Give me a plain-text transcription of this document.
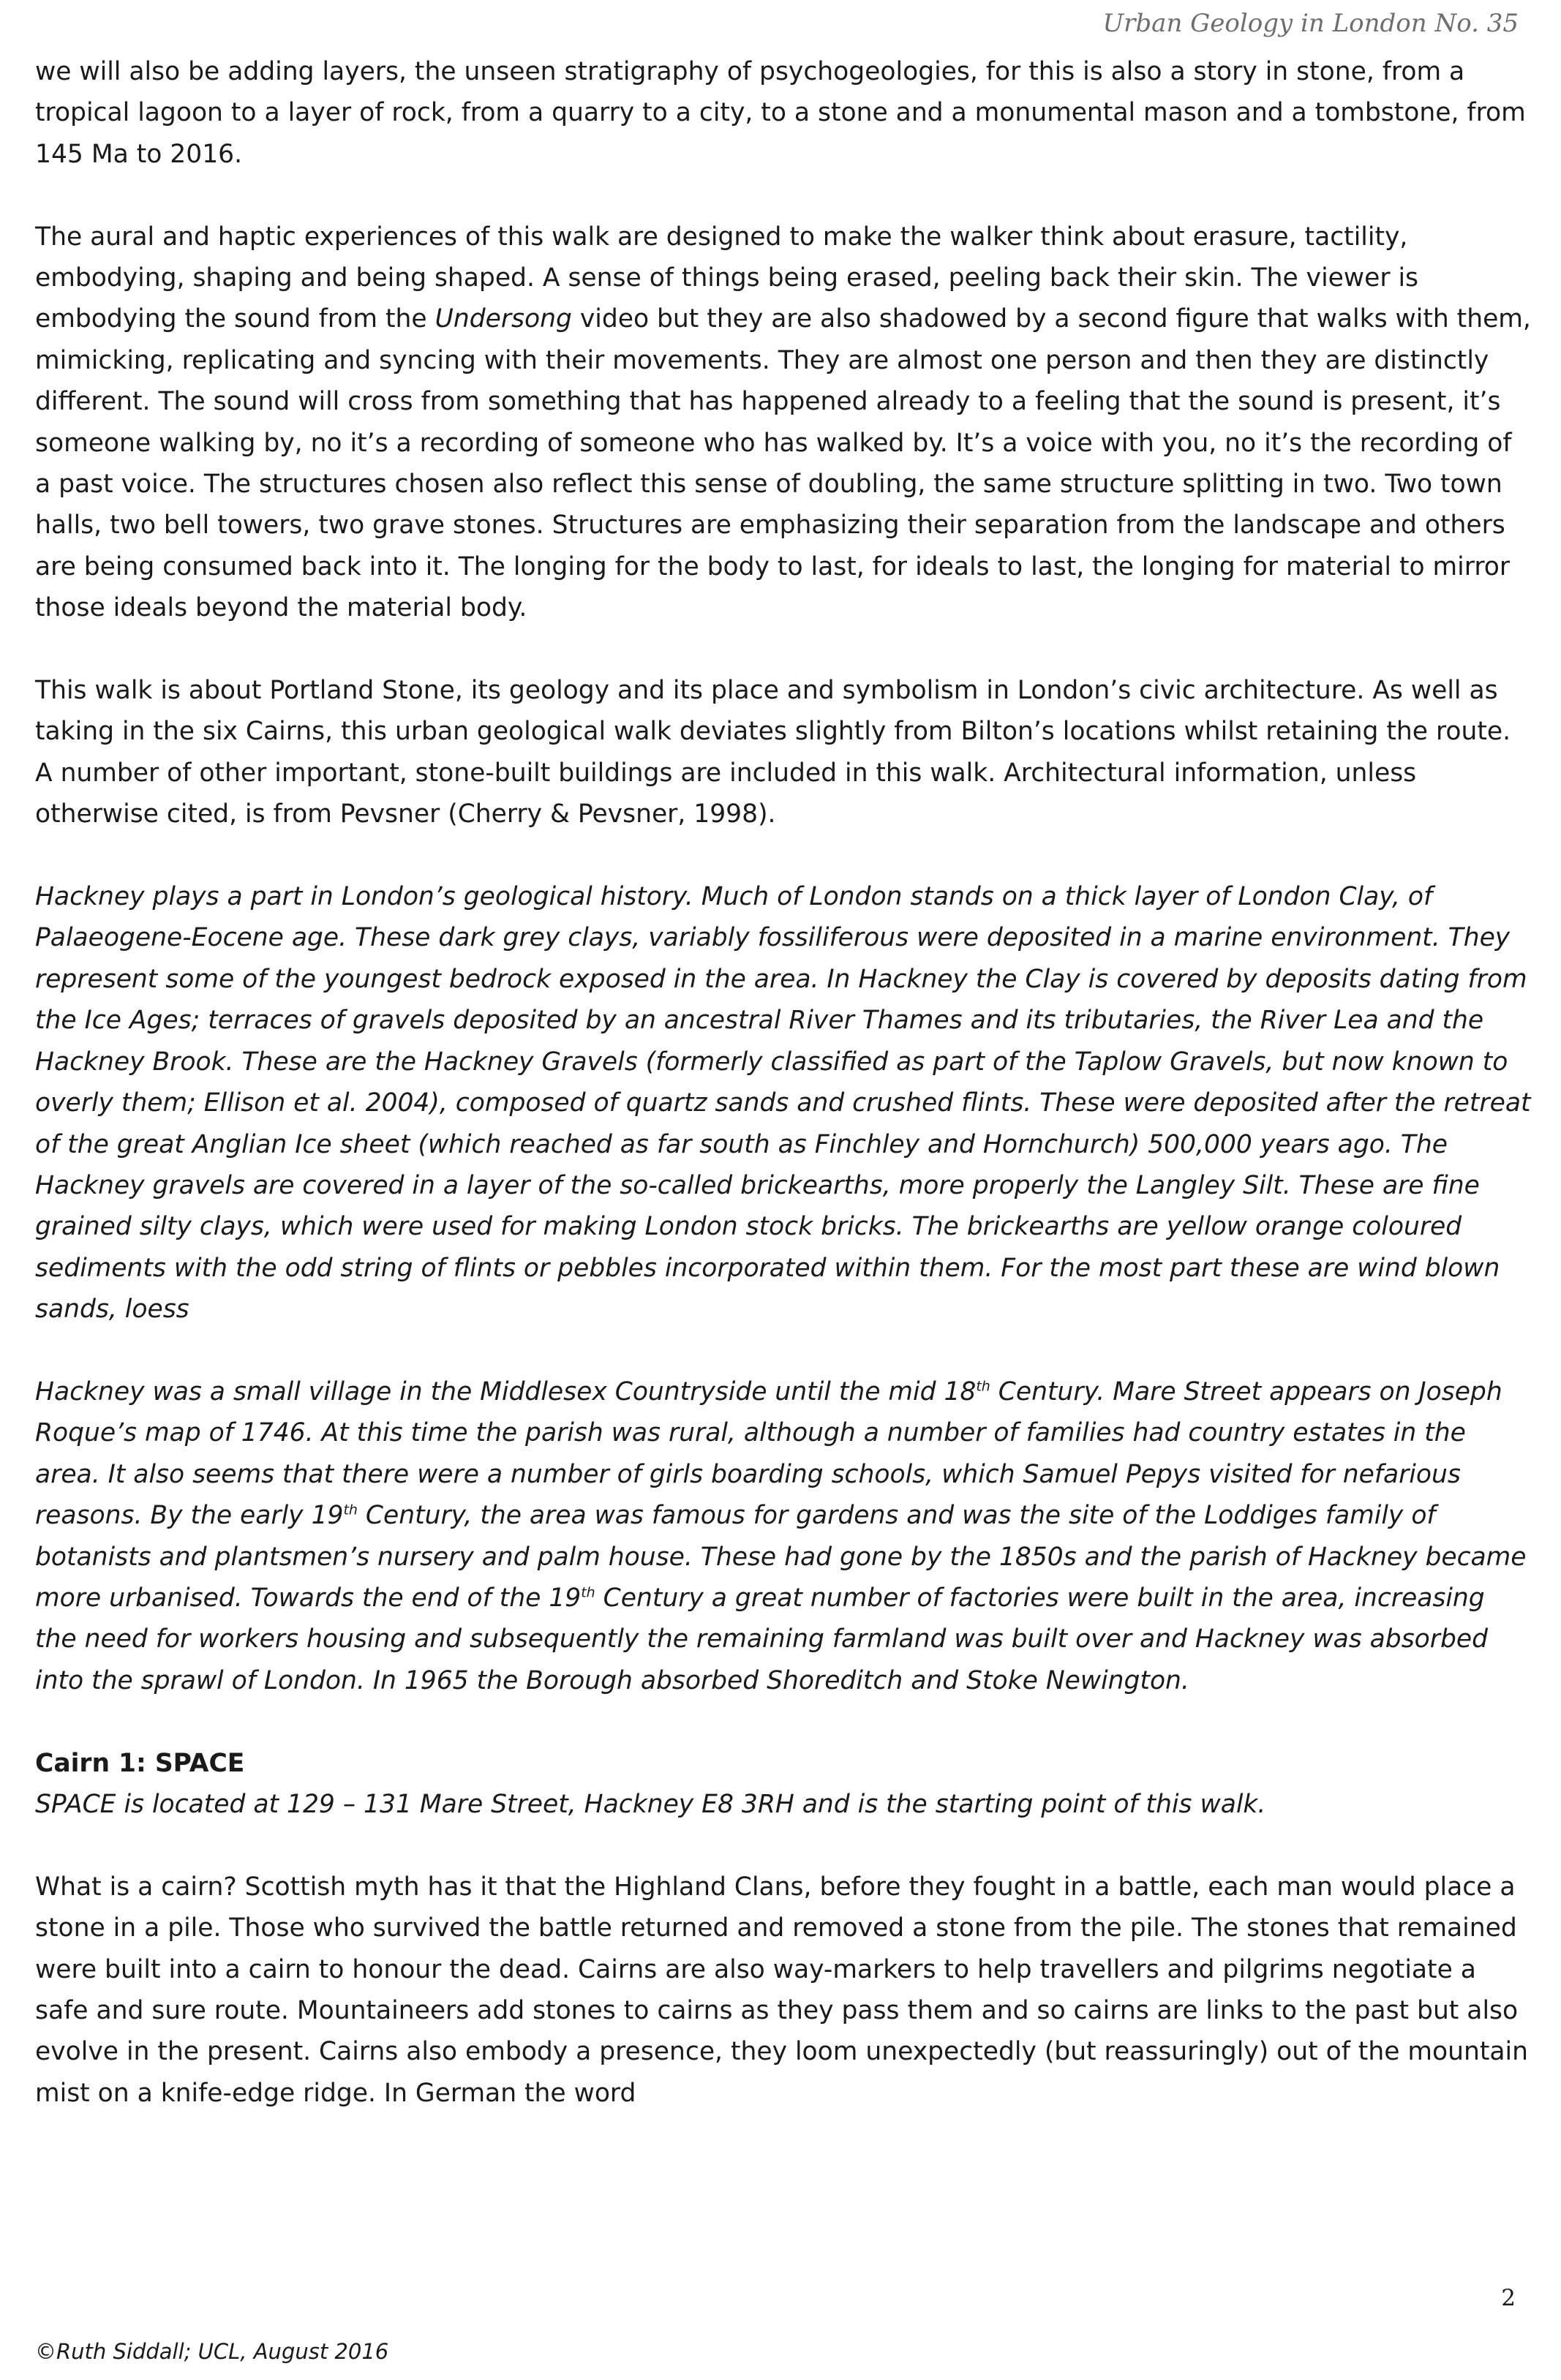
Urban Geology in London No. 35

we will also be adding layers, the unseen stratigraphy of psychogeologies, for this is also a story in stone, from a tropical lagoon to a layer of rock, from a quarry to a city, to a stone and a monumental mason and a tombstone, from 145 Ma to 2016.

The aural and haptic experiences of this walk are designed to make the walker think about erasure, tactility, embodying, shaping and being shaped. A sense of things being erased, peeling back their skin. The viewer is embodying the sound from the Undersong video but they are also shadowed by a second figure that walks with them, mimicking, replicating and syncing with their movements. They are almost one person and then they are distinctly different. The sound will cross from something that has happened already to a feeling that the sound is present, it’s someone walking by, no it’s a recording of someone who has walked by. It’s a voice with you, no it’s the recording of a past voice. The structures chosen also reflect this sense of doubling, the same structure splitting in two. Two town halls, two bell towers, two grave stones. Structures are emphasizing their separation from the landscape and others are being consumed back into it. The longing for the body to last, for ideals to last, the longing for material to mirror those ideals beyond the material body.

This walk is about Portland Stone, its geology and its place and symbolism in London’s civic architecture. As well as taking in the six Cairns, this urban geological walk deviates slightly from Bilton’s locations whilst retaining the route. A number of other important, stone-built buildings are included in this walk. Architectural information, unless otherwise cited, is from Pevsner (Cherry & Pevsner, 1998).

Hackney plays a part in London’s geological history. Much of London stands on a thick layer of London Clay, of Palaeogene-Eocene age. These dark grey clays, variably fossiliferous were deposited in a marine environment. They represent some of the youngest bedrock exposed in the area. In Hackney the Clay is covered by deposits dating from the Ice Ages; terraces of gravels deposited by an ancestral River Thames and its tributaries, the River Lea and the Hackney Brook. These are the Hackney Gravels (formerly classified as part of the Taplow Gravels, but now known to overly them; Ellison et al. 2004), composed of quartz sands and crushed flints. These were deposited after the retreat of the great Anglian Ice sheet (which reached as far south as Finchley and Hornchurch) 500,000 years ago. The Hackney gravels are covered in a layer of the so-called brickearths, more properly the Langley Silt. These are fine grained silty clays, which were used for making London stock bricks. The brickearths are yellow orange coloured sediments with the odd string of flints or pebbles incorporated within them. For the most part these are wind blown sands, loess

Hackney was a small village in the Middlesex Countryside until the mid 18th Century. Mare Street appears on Joseph Roque’s map of 1746. At this time the parish was rural, although a number of families had country estates in the area. It also seems that there were a number of girls boarding schools, which Samuel Pepys visited for nefarious reasons. By the early 19th Century, the area was famous for gardens and was the site of the Loddiges family of botanists and plantsmen’s nursery and palm house. These had gone by the 1850s and the parish of Hackney became more urbanised. Towards the end of the 19th Century a great number of factories were built in the area, increasing the need for workers housing and subsequently the remaining farmland was built over and Hackney was absorbed into the sprawl of London. In 1965 the Borough absorbed Shoreditch and Stoke Newington.

Cairn 1: SPACE
SPACE is located at 129 – 131 Mare Street, Hackney E8 3RH and is the starting point of this walk.

What is a cairn? Scottish myth has it that the Highland Clans, before they fought in a battle, each man would place a stone in a pile. Those who survived the battle returned and removed a stone from the pile. The stones that remained were built into a cairn to honour the dead. Cairns are also way-markers to help travellers and pilgrims negotiate a safe and sure route. Mountaineers add stones to cairns as they pass them and so cairns are links to the past but also evolve in the present. Cairns also embody a presence, they loom unexpectedly (but reassuringly) out of the mountain mist on a knife-edge ridge. In German the word

2

©Ruth Siddall; UCL, August 2016
